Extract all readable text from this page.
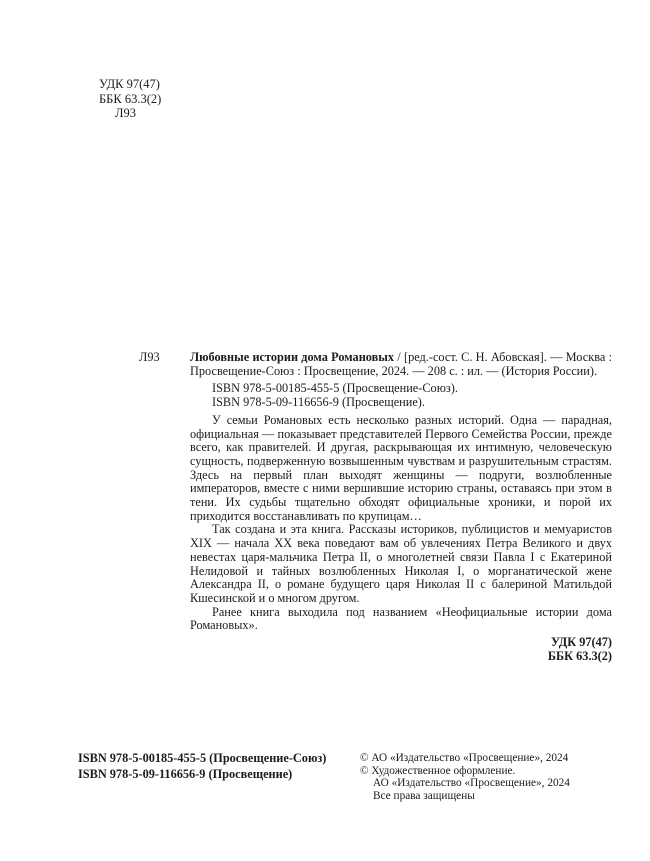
УДК 97(47)
ББК 63.3(2)
Л93
Л93	Любовные истории дома Романовых / [ред.-сост. С. Н. Абовская]. — Москва : Просвещение-Союз : Просвещение, 2024. — 208 с. : ил. — (История России).

ISBN 978-5-00185-455-5 (Просвещение-Союз).
ISBN 978-5-09-116656-9 (Просвещение).

У семьи Романовых есть несколько разных историй. Одна — парадная, официальная — показывает представителей Первого Семейства России, прежде всего, как правителей. И другая, раскрывающая их интимную, человеческую сущность, подверженную возвышенным чувствам и разрушительным страстям. Здесь на первый план выходят женщины — подруги, возлюбленные императоров, вместе с ними вершившие историю страны, оставаясь при этом в тени. Их судьбы тщательно обходят официальные хроники, и порой их приходится восстанавливать по крупицам…

Так создана и эта книга. Рассказы историков, публицистов и мемуаристов XIX — начала XX века поведают вам об увлечениях Петра Великого и двух невестах царя-мальчика Петра II, о многолетней связи Павла I с Екатериной Нелидовой и тайных возлюбленных Николая I, о морганатической жене Александра II, о романе будущего царя Николая II с балериной Матильдой Кшесинской и о многом другом.

Ранее книга выходила под названием «Неофициальные истории дома Романовых».

УДК 97(47)
ББК 63.3(2)
ISBN 978-5-00185-455-5 (Просвещение-Союз)
ISBN 978-5-09-116656-9 (Просвещение)
© АО «Издательство «Просвещение», 2024
© Художественное оформление.
АО «Издательство «Просвещение», 2024
Все права защищены
